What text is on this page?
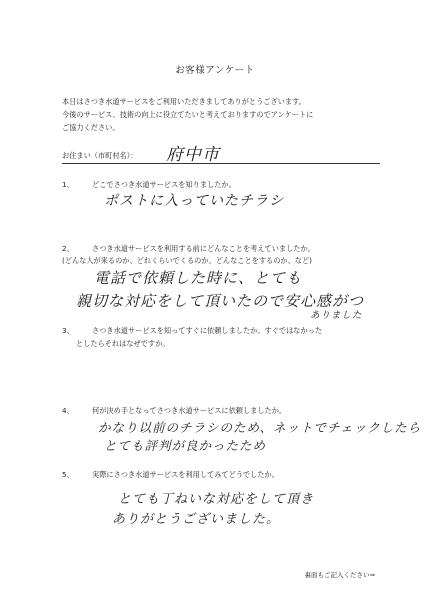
お客様アンケート
本日はさつき水道サービスをご利用いただきましてありがとうございます。
今後のサービス、技術の向上に役立てたいと考えておりますのでアンケートに
ご協力ください。
お住まい（市町村名）： 府中市
1、	どこでさつき水道サービスを知りましたか。
ポストに入っていたチラシ
2、	さつき水道サービスを利用する前にどんなことを考えていましたか。
(どんな人が来るのか、どれくらいでくるのか、どんなことをするのか、など)
電話で依頼した時に、とても
親切な対応をして頂いたので安心感がつ
ありました
3、	さつき水道サービスを知ってすぐに依頼しましたか。すぐではなかった
としたらそれはなぜですか。
4、	何が決め手となってさつき水道サービスに依頼しましたか。
かなり以前のチラシのため、ネットでチェックしたら
とても評判が良かったため
5、	実際にさつき水道サービスを利用してみてどうでしたか。
とても丁ねいな対応をして頂き
ありがとうございました。
裏面もご記入ください⇒
